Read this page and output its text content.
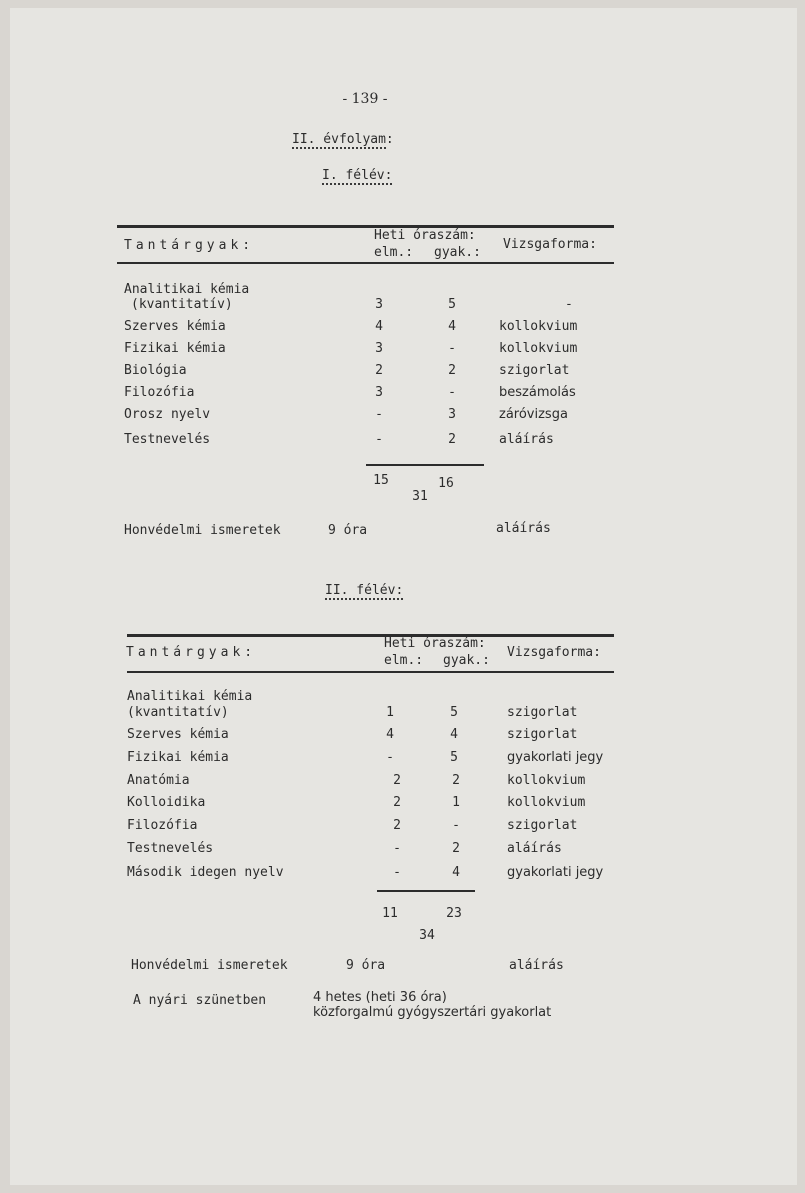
- 139 -
II. évfolyam:
I. félév:
Tantárgyak:
Heti óraszám:
elm.: gyak.:
Vizsgaforma:
Analitikai kémia
(kvantitatív)	3	5	-
Szerves kémia	4	4	kollokvium
Fizikai kémia	3	-	kollokvium
Biológia	2	2	szigorlat
Filozófia	3	-	beszámolás
Orosz nyelv	-	3	záróvizsga
Testnevelés	-	2	aláírás
15	16
31
Honvédelmi ismeretek	9 óra	aláírás
II. félév:
Tantárgyak:
Heti óraszám:
elm.: gyak.:
Vizsgaforma:
Analitikai kémia
(kvantitatív)	1	5	szigorlat
Szerves kémia	4	4	szigorlat
Fizikai kémia	-	5	gyakorlati jegy
Anatómia	2	2	kollokvium
Kolloidika	2	1	kollokvium
Filozófia	2	-	szigorlat
Testnevelés	-	2	aláírás
Második idegen nyelv	-	4	gyakorlati jegy
11	23
34
Honvédelmi ismeretek	9 óra	aláírás
A nyári szünetben	4 hetes (heti 36 óra)
közforgalmú gyógyszertári gyakorlat
